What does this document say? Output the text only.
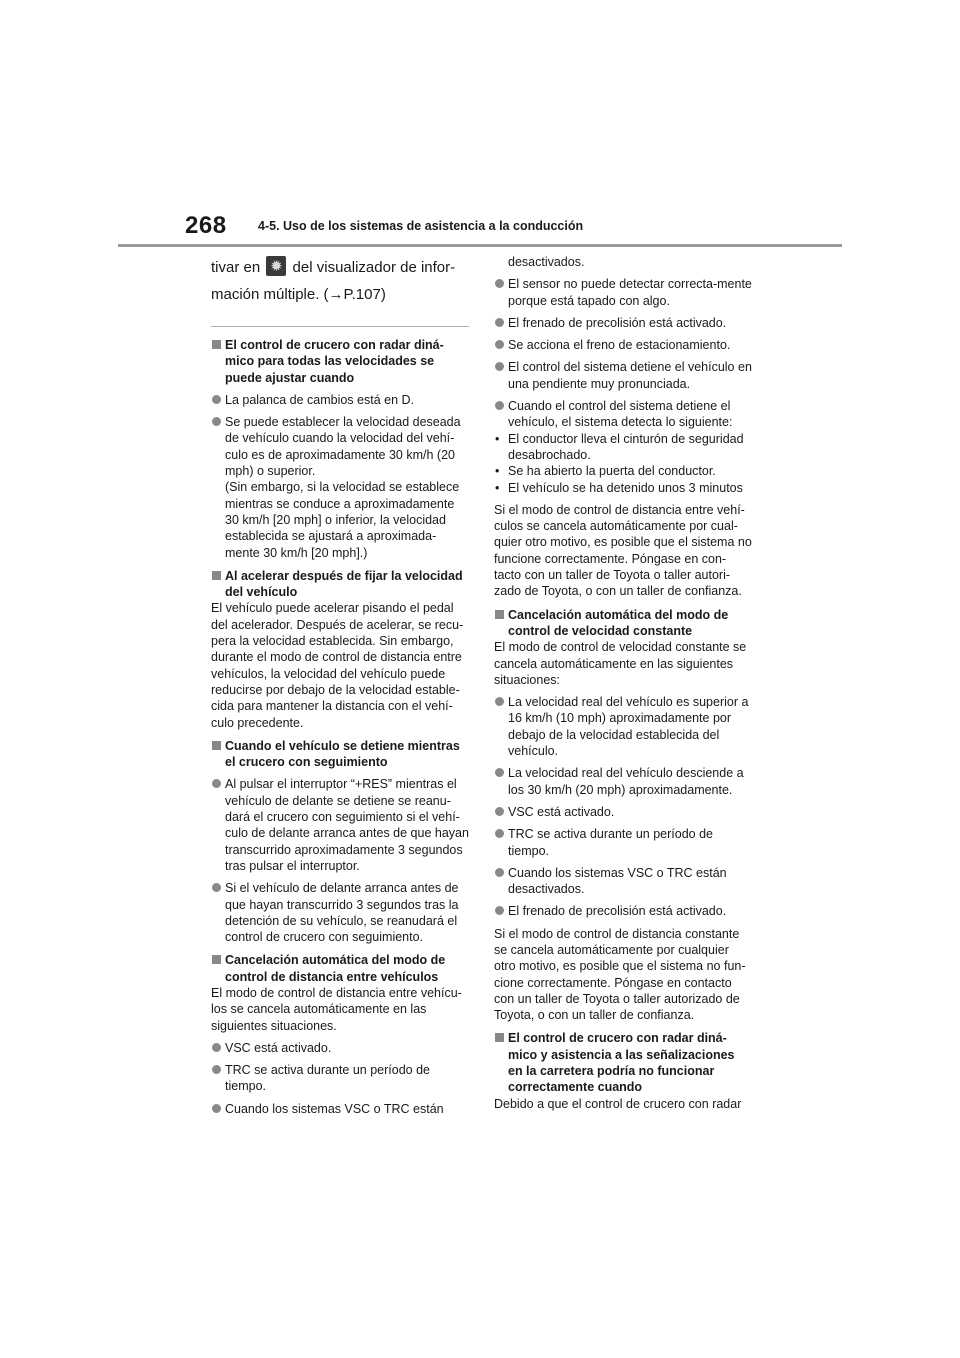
268	4-5. Uso de los sistemas de asistencia a la conducción

tivar en ✹ del visualizador de infor-
mación múltiple. (→P.107)

El control de crucero con radar diná-mico para todas las velocidades se puede ajustar cuando

La palanca de cambios está en D.

Se puede establecer la velocidad deseada de vehículo cuando la velocidad del vehí-culo es de aproximadamente 30 km/h (20 mph) o superior.
(Sin embargo, si la velocidad se establece mientras se conduce a aproximadamente 30 km/h [20 mph] o inferior, la velocidad establecida se ajustará a aproximada-mente 30 km/h [20 mph].)

Al acelerar después de fijar la velocidad del vehículo

El vehículo puede acelerar pisando el pedal del acelerador. Después de acelerar, se recu-pera la velocidad establecida. Sin embargo, durante el modo de control de distancia entre vehículos, la velocidad del vehículo puede reducirse por debajo de la velocidad estable-cida para mantener la distancia con el vehí-culo precedente.

Cuando el vehículo se detiene mientras el crucero con seguimiento

Al pulsar el interruptor “+RES” mientras el vehículo de delante se detiene se reanu-dará el crucero con seguimiento si el vehí-culo de delante arranca antes de que hayan transcurrido aproximadamente 3 segundos tras pulsar el interruptor.

Si el vehículo de delante arranca antes de que hayan transcurrido 3 segundos tras la detención de su vehículo, se reanudará el control de crucero con seguimiento.

Cancelación automática del modo de control de distancia entre vehículos

El modo de control de distancia entre vehícu-los se cancela automáticamente en las siguientes situaciones.

VSC está activado.

TRC se activa durante un período de tiempo.

Cuando los sistemas VSC o TRC están

desactivados.

El sensor no puede detectar correcta-mente porque está tapado con algo.

El frenado de precolisión está activado.

Se acciona el freno de estacionamiento.

El control del sistema detiene el vehículo en una pendiente muy pronunciada.

Cuando el control del sistema detiene el vehículo, el sistema detecta lo siguiente:

• El conductor lleva el cinturón de seguridad desabrochado.

• Se ha abierto la puerta del conductor.

• El vehículo se ha detenido unos 3 minutos

Si el modo de control de distancia entre vehí-culos se cancela automáticamente por cual-quier otro motivo, es posible que el sistema no funcione correctamente. Póngase en con-tacto con un taller de Toyota o taller autori-zado de Toyota, o con un taller de confianza.

Cancelación automática del modo de control de velocidad constante

El modo de control de velocidad constante se cancela automáticamente en las siguientes situaciones:

La velocidad real del vehículo es superior a 16 km/h (10 mph) aproximadamente por debajo de la velocidad establecida del vehículo.

La velocidad real del vehículo desciende a los 30 km/h (20 mph) aproximadamente.

VSC está activado.

TRC se activa durante un período de tiempo.

Cuando los sistemas VSC o TRC están desactivados.

El frenado de precolisión está activado.

Si el modo de control de distancia constante se cancela automáticamente por cualquier otro motivo, es posible que el sistema no fun-cione correctamente. Póngase en contacto con un taller de Toyota o taller autorizado de Toyota, o con un taller de confianza.

El control de crucero con radar diná-mico y asistencia a las señalizaciones en la carretera podría no funcionar correctamente cuando

Debido a que el control de crucero con radar
